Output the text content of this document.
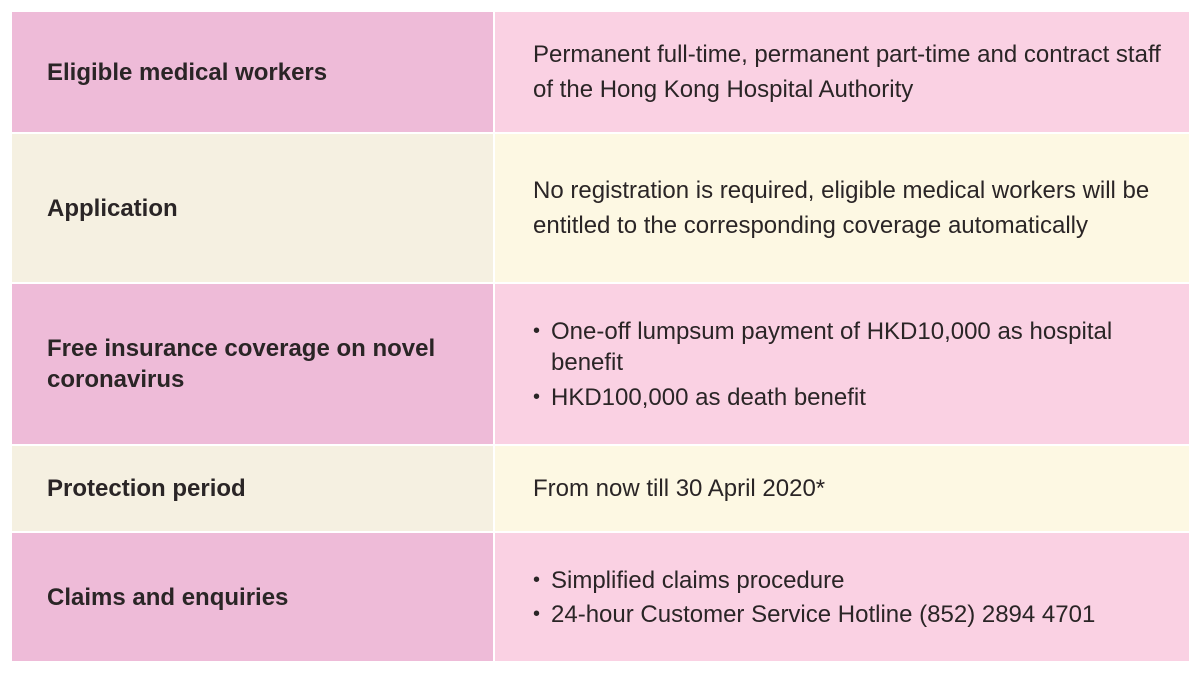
Eligible medical workers
Permanent full-time, permanent part-time and contract staff of the Hong Kong Hospital Authority
Application
No registration is required, eligible medical workers will be entitled to the corresponding coverage automatically
Free insurance coverage on novel coronavirus
• One-off lumpsum payment of HKD10,000 as hospital benefit
• HKD100,000 as death benefit
Protection period	From now till 30 April 2020*
Claims and enquiries
• Simplified claims procedure
• 24-hour Customer Service Hotline (852) 2894 4701
